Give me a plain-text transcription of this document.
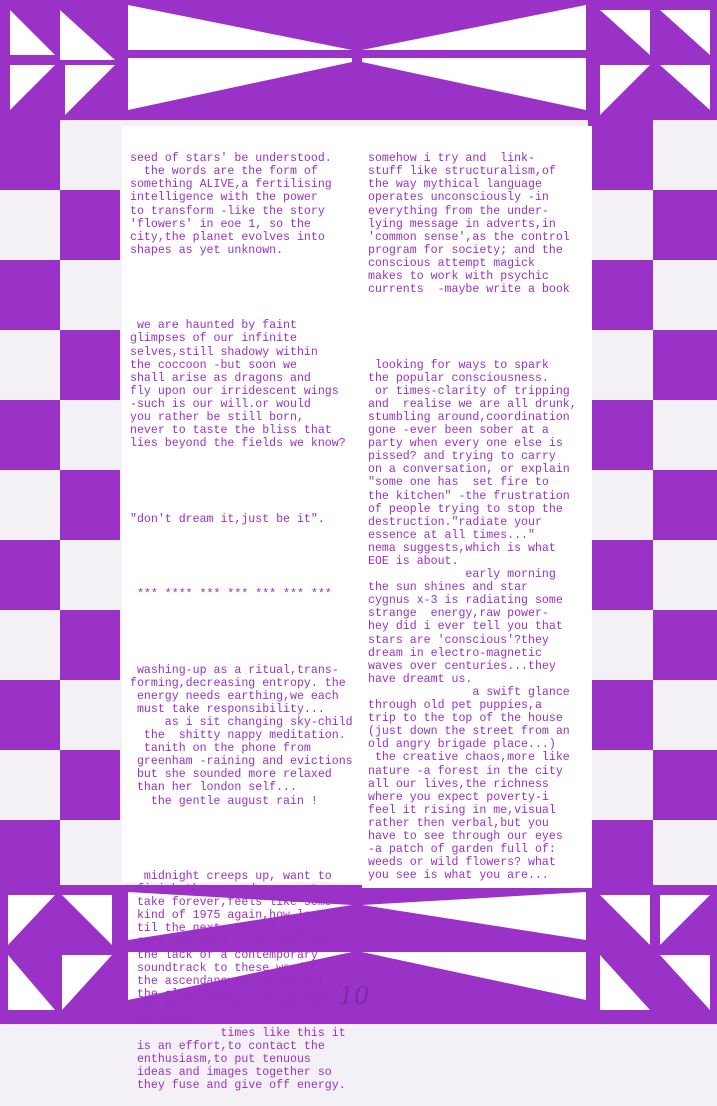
seed of stars' be understood.
the words are the form of
something ALIVE,a fertilising
intelligence with the power
to transform -like the story
'flowers' in eoe 1, so the
city,the planet evolves into
shapes as yet unknown.

we are haunted by faint
glimpses of our infinite
selves,still shadowy within
the coccoon -but soon we
shall arise as dragons and
fly upon our irridescent wings
-such is our will.or would
you rather be still born,
never to taste the bliss that
lies beyond the fields we know?

"don't dream it,just be it".

*** **** *** *** *** *** ***

washing-up as a ritual,trans-
forming,decreasing entropy. the
energy needs earthing,we each
must take responsibility...
as i sit changing sky-child
the  shitty nappy meditation.
tanith on the phone from
greenham -raining and evictions
but she sounded more relaxed
than her london self...
the gentle august rain !

midnight creeps up, want to
finish these words,seems to
take forever,feels like some
kind of 1975 again,how long
til the next wave of  passion
sets the city afire.feeling
the lack of a contemporary
soundtrack to these words,
the ascendancy of video put
the clock back -need to smash
the barriers down again,any
volunteers?
times like this it
is an effort,to contact the
enthusiasm,to put tenuous
ideas and images together so
they fuse and give off energy.

somehow i try and  link-
stuff like structuralism,of
the way mythical language
operates unconsciously -in
everything from the under-
lying message in adverts,in
'common sense',as the control
program for society; and the
conscious attempt magick
makes to work with psychic
currents  -maybe write a book

looking for ways to spark
the popular consciousness.
or times-clarity of tripping
and  realise we are all drunk,
stumbling around,coordination
gone -ever been sober at a
party when every one else is
pissed? and trying to carry
on a conversation, or explain
"some one has  set fire to
the kitchen" -the frustration
of people trying to stop the
destruction."radiate your
essence at all times..."
nema suggests,which is what
EOE is about.
early morning
the sun shines and star
cygnus x-3 is radiating some
strange  energy,raw power-
hey did i ever tell you that
stars are 'conscious'?they
dream in electro-magnetic
waves over centuries...they
have dreamt us.
a swift glance
through old pet puppies,a
trip to the top of the house
(just down the street from an
old angry brigade place...)
the creative chaos,more like
nature -a forest in the city
all our lives,the richness
where you expect poverty-i
feel it rising in me,visual
rather then verbal,but you
have to see through our eyes
-a patch of garden full of:
weeds or wild flowers? what
you see is what you are...

10
